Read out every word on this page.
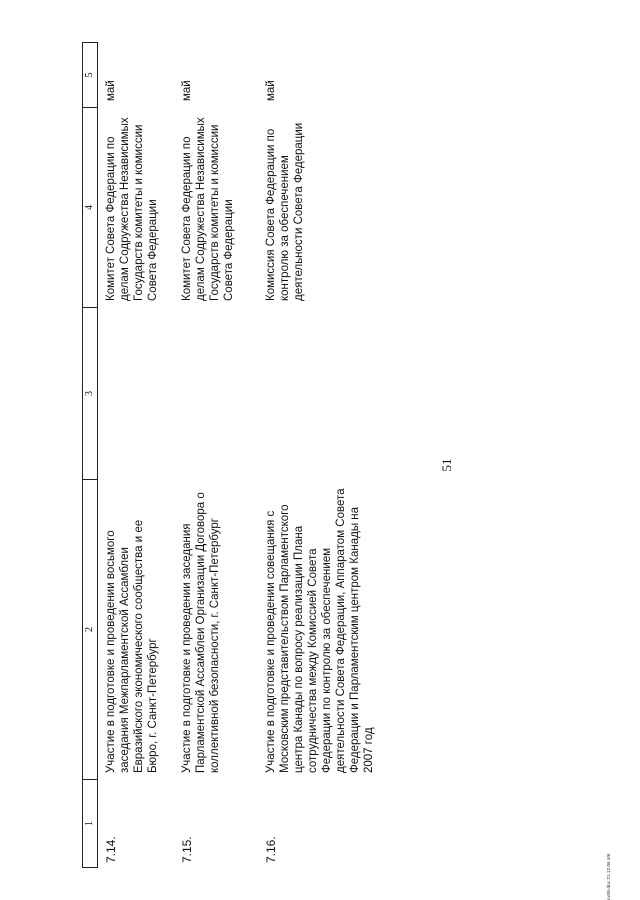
1	2	3	4	5
7.14.	Участие в подготовке и проведении восьмого заседания Межпарламентской Ассамблеи Евразийского экономического сообщества и ее Бюро, г. Санкт-Петербург		Комитет Совета Федерации по делам Содружества Независимых Государств комитеты и комиссии Совета Федерации	май
7.15.	Участие в подготовке и проведении заседания Парламентской Ассамблеи Организации Договора о коллективной безопасности, г. Санкт-Петербург		Комитет Совета Федерации по делам Содружества Независимых Государств комитеты и комиссии Совета Федерации	май
7.16.	Участие в подготовке и проведении совещания с Московским представительством Парламентского центра Канады по вопросу реализации Плана сотрудничества между Комиссией Совета Федерации по контролю за обеспечением деятельности Совета Федерации, Аппаратом Совета Федерации и Парламентским центром Канады на 2007 год		Комиссия Совета Федерации по контролю за обеспечением деятельности Совета Федерации	май
51
ov36.doc 21.12.06 4/6
